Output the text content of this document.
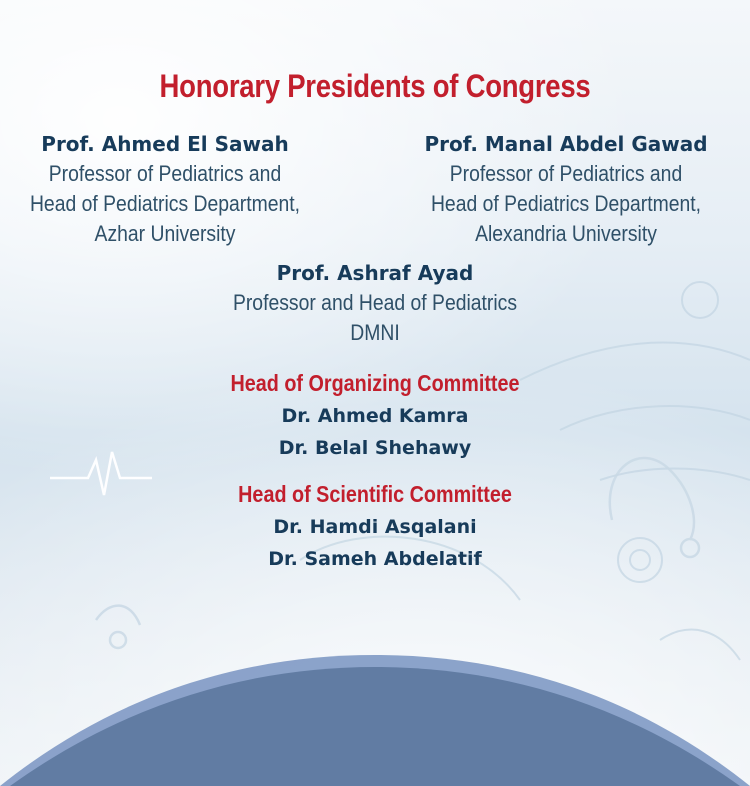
Honorary Presidents of Congress
Prof. Ahmed El Sawah
Professor of Pediatrics and
Head of Pediatrics Department,
Azhar University
Prof. Manal Abdel Gawad
Professor of Pediatrics and
Head of Pediatrics Department,
Alexandria University
Prof. Ashraf Ayad
Professor and Head of Pediatrics
DMNI
Head of Organizing Committee
Dr. Ahmed Kamra
Dr. Belal Shehawy
Head of Scientific Committee
Dr. Hamdi Asqalani
Dr. Sameh Abdelatif
